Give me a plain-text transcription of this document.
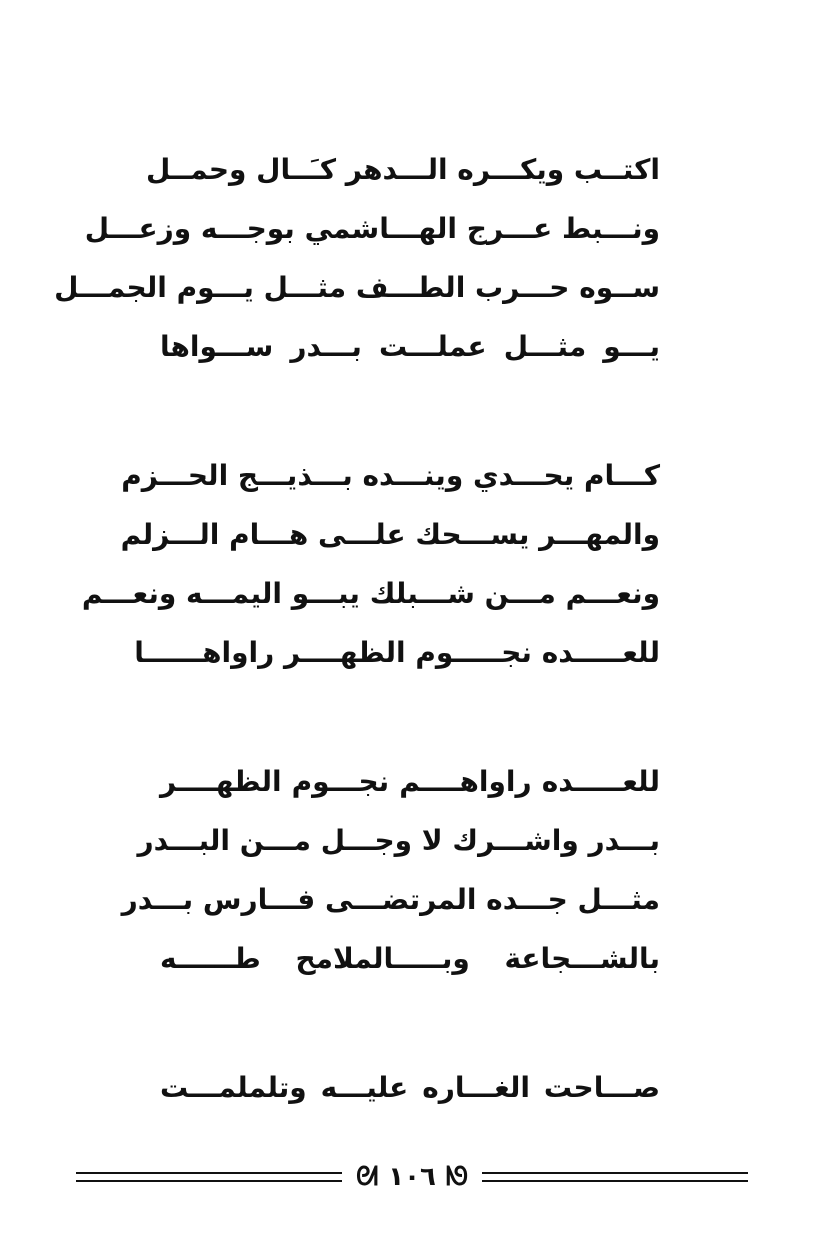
اكتــب ويكـــره الـــدهر كـَــال وحمــل
ونـــبط عـــرج الهـــاشمي بوجـــه وزعـــل
ســوه حـــرب الطـــف مثـــل يـــوم الجمـــل
يـــو مثـــل عملـــت بـــدر ســـواها
كـــام يحـــدي وينـــده بـــذيـــج الحـــزم
والمهـــر يســـحك علـــى هـــام الـــزلم
ونعـــم مـــن شـــبلك يبـــو اليمـــه ونعـــم
للعـــــده نجـــــوم الظهــــر راواهــــــا
للعـــــده راواهــــم نجـــوم الظهــــر
بـــدر واشـــرك لا وجـــل مـــن البـــدر
مثـــل جـــده المرتضـــى فـــارس بـــدر
بالشـــجاعة وبـــــالملامح طــــــه
صـــاحت الغـــاره عليـــه وتلملمـــت
ᘚ
١٠٦
ᘛ
